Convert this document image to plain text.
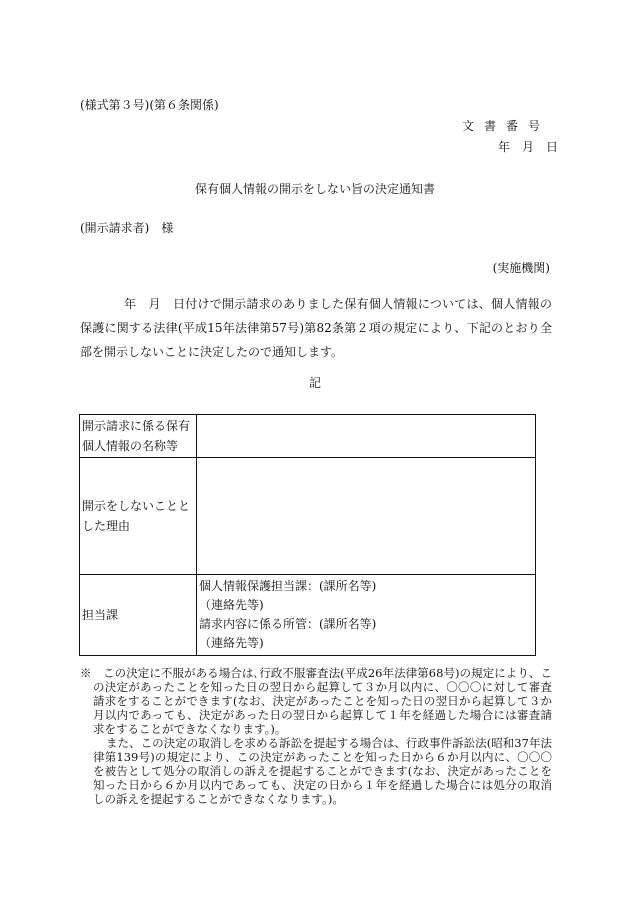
(様式第３号)(第６条関係)
文書番号
年　月　日
保有個人情報の開示をしない旨の決定通知書
(開示請求者)　様
(実施機関)
年　月　日付けで開示請求のありました保有個人情報については、個人情報の保護に関する法律(平成15年法律第57号)第82条第２項の規定により、下記のとおり全部を開示しないことに決定したので通知します。
記
開示請求に係る保有個人情報の名称等	
開示をしないこととした理由	
担当課	個人情報保護担当課：(課所名等)
（連絡先等)
請求内容に係る所管：(課所名等)
（連絡先等)

※　この決定に不服がある場合は､行政不服審査法(平成26年法律第68号)の規定により、この決定があったことを知った日の翌日から起算して３か月以内に、〇〇〇に対して審査請求をすることができます(なお、決定があったことを知った日の翌日から起算して３か月以内であっても、決定があった日の翌日から起算して１年を経過した場合には審査請求をすることができなくなります。)。

また、この決定の取消しを求める訴訟を提起する場合は、行政事件訴訟法(昭和37年法律第139号)の規定により、この決定があったことを知った日から６か月以内に、〇〇〇を被告として処分の取消しの訴えを提起することができます(なお、決定があったことを知った日から６か月以内であっても、決定の日から１年を経過した場合には処分の取消しの訴えを提起することができなくなります。)。
